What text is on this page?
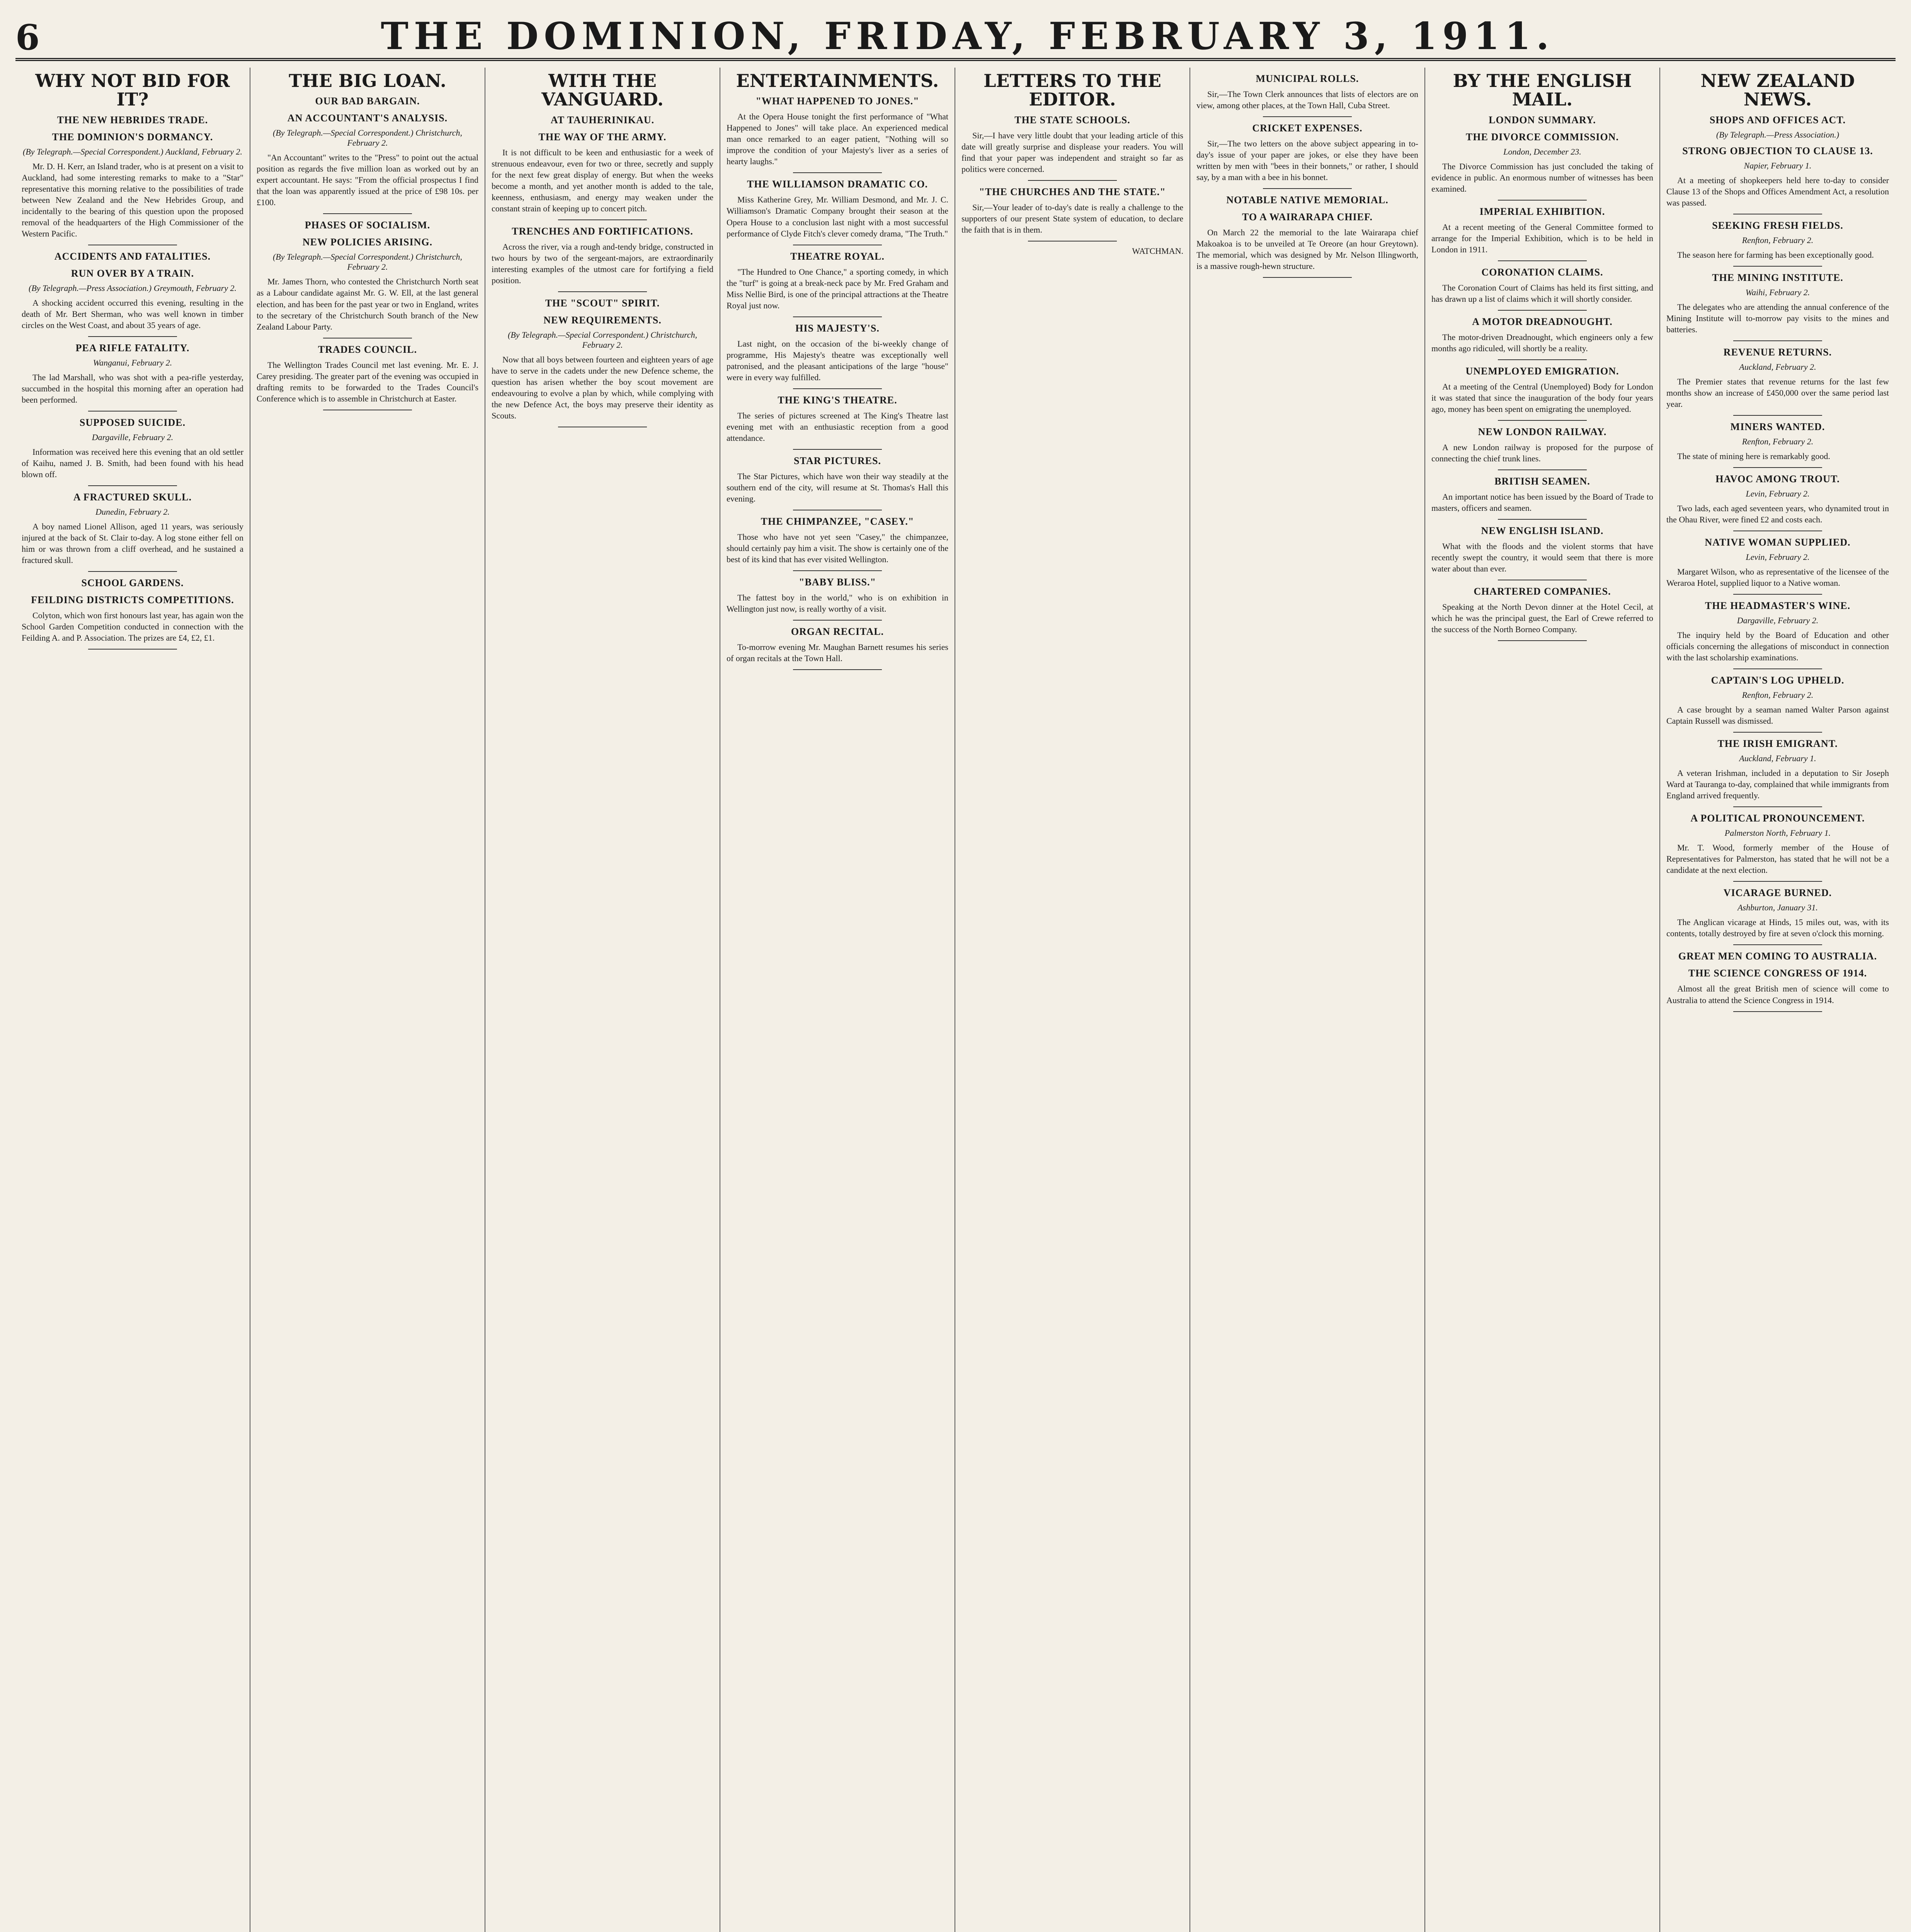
6	THE DOMINION, FRIDAY, FEBRUARY 3, 1911.
WHY NOT BID FOR IT?
THE NEW HEBRIDES TRADE.
THE DOMINION'S DORMANCY.
(By Telegraph.—Special Correspondent.) Auckland, February 2.

Mr. D. H. Kerr, an Island trader, who is at present on a visit to Auckland, had some interesting remarks to make to a "Star" representative this morning relative to the possibilities of trade between New Zealand and the New Hebrides Group, and incidentally to the bearing of this question upon the proposed removal of the headquarters of the High Commissioner of the Western Pacific.

ACCIDENTS AND FATALITIES.
RUN OVER BY A TRAIN.
(By Telegraph.—Press Association.) Greymouth, February 2.

A shocking accident occurred this evening, resulting in the death of Mr. Bert Sherman, who was well known in timber circles on the West Coast, and about 35 years of age.

PEA RIFLE FATALITY.
Wanganui, February 2.

The lad Marshall, who was shot with a pea-rifle yesterday, succumbed in the hospital this morning after an operation had been performed.

SUPPOSED SUICIDE.
Dargaville, February 2.

Information was received here this evening that an old settler of Kaihu, named J. B. Smith, had been found with his head blown off.

A FRACTURED SKULL.
Dunedin, February 2.

A boy named Lionel Allison, aged 11 years, was seriously injured at the back of St. Clair to-day. A log stone either fell on him or was thrown from a cliff overhead, and he sustained a fractured skull.

SCHOOL GARDENS.
FEILDING DISTRICTS COMPETITIONS.

Colyton, which won first honours last year, has again won the School Garden Competition conducted in connection with the Feilding A. and P. Association. The prizes are £4, £2, £1.

THE BIG LOAN.
OUR BAD BARGAIN.
AN ACCOUNTANT'S ANALYSIS.
(By Telegraph.—Special Correspondent.) Christchurch, February 2.

"An Accountant" writes to the "Press" to point out the actual position as regards the five million loan as worked out by an expert accountant. He says: "From the official prospectus I find that the loan was apparently issued at the price of £98 10s. per £100.

PHASES OF SOCIALISM.
NEW POLICIES ARISING.
(By Telegraph.—Special Correspondent.) Christchurch, February 2.

Mr. James Thorn, who contested the Christchurch North seat as a Labour candidate against Mr. G. W. Ell, at the last general election, and has been for the past year or two in England, writes to the secretary of the Christchurch South branch of the New Zealand Labour Party.

TRADES COUNCIL.

The Wellington Trades Council met last evening. Mr. E. J. Carey presiding. The greater part of the evening was occupied in drafting remits to be forwarded to the Trades Council's Conference which is to assemble in Christchurch at Easter.

WITH THE VANGUARD.
AT TAUHERINIKAU.
THE WAY OF THE ARMY.

It is not difficult to be keen and enthusiastic for a week of strenuous endeavour, even for two or three, secretly and supply for the next few great display of energy. But when the weeks become a month, and yet another month is added to the tale, keenness, enthusiasm, and energy may weaken under the constant strain of keeping up to concert pitch.

TRENCHES AND FORTIFICATIONS.

Across the river, via a rough and-tendy bridge, constructed in two hours by two of the sergeant-majors, are extraordinarily interesting examples of the utmost care for fortifying a field position.

THE "SCOUT" SPIRIT.
NEW REQUIREMENTS.
(By Telegraph.—Special Correspondent.) Christchurch, February 2.

Now that all boys between fourteen and eighteen years of age have to serve in the cadets under the new Defence scheme, the question has arisen whether the boy scout movement are endeavouring to evolve a plan by which, while complying with the new Defence Act, the boys may preserve their identity as Scouts.

ENTERTAINMENTS.
"WHAT HAPPENED TO JONES."

At the Opera House tonight the first performance of "What Happened to Jones" will take place. An experienced medical man once remarked to an eager patient, "Nothing will so improve the condition of your Majesty's liver as a series of hearty laughs."

THE WILLIAMSON DRAMATIC CO.

Miss Katherine Grey, Mr. William Desmond, and Mr. J. C. Williamson's Dramatic Company brought their season at the Opera House to a conclusion last night with a most successful performance of Clyde Fitch's clever comedy drama, "The Truth."

THEATRE ROYAL.

"The Hundred to One Chance," a sporting comedy, in which the "turf" is going at a break-neck pace by Mr. Fred Graham and Miss Nellie Bird, is one of the principal attractions at the Theatre Royal just now.

HIS MAJESTY'S.

Last night, on the occasion of the bi-weekly change of programme, His Majesty's theatre was exceptionally well patronised, and the pleasant anticipations of the large "house" were in every way fulfilled.

THE KING'S THEATRE.

The series of pictures screened at The King's Theatre last evening met with an enthusiastic reception from a good attendance.

STAR PICTURES.

The Star Pictures, which have won their way steadily at the southern end of the city, will resume at St. Thomas's Hall this evening.

THE CHIMPANZEE, "CASEY."

Those who have not yet seen "Casey," the chimpanzee, should certainly pay him a visit. The show is certainly one of the best of its kind that has ever visited Wellington.

"BABY BLISS."

The fattest boy in the world," who is on exhibition in Wellington just now, is really worthy of a visit.

ORGAN RECITAL.

To-morrow evening Mr. Maughan Barnett resumes his series of organ recitals at the Town Hall.

LETTERS TO THE EDITOR.
THE STATE SCHOOLS.

Sir,—I have very little doubt that your leading article of this date will greatly surprise and displease your readers. You will find that your paper was independent and straight so far as politics were concerned.

"THE CHURCHES AND THE STATE."

Sir,—Your leader of to-day's date is really a challenge to the supporters of our present State system of education, to declare the faith that is in them.

WATCHMAN.
MUNICIPAL ROLLS.

Sir,—The Town Clerk announces that lists of electors are on view, among other places, at the Town Hall, Cuba Street.

CRICKET EXPENSES.

Sir,—The two letters on the above subject appearing in to-day's issue of your paper are jokes, or else they have been written by men with "bees in their bonnets," or rather, I should say, by a man with a bee in his bonnet.

NOTABLE NATIVE MEMORIAL.
TO A WAIRARAPA CHIEF.

On March 22 the memorial to the late Wairarapa chief Makoakoa is to be unveiled at Te Oreore (an hour Greytown). The memorial, which was designed by Mr. Nelson Illingworth, is a massive rough-hewn structure.

BY THE ENGLISH MAIL.
LONDON SUMMARY.
THE DIVORCE COMMISSION.
London, December 23.

The Divorce Commission has just concluded the taking of evidence in public. An enormous number of witnesses has been examined.

IMPERIAL EXHIBITION.

At a recent meeting of the General Committee formed to arrange for the Imperial Exhibition, which is to be held in London in 1911.

CORONATION CLAIMS.

The Coronation Court of Claims has held its first sitting, and has drawn up a list of claims which it will shortly consider.

A MOTOR DREADNOUGHT.

The motor-driven Dreadnought, which engineers only a few months ago ridiculed, will shortly be a reality.

UNEMPLOYED EMIGRATION.

At a meeting of the Central (Unemployed) Body for London it was stated that since the inauguration of the body four years ago, money has been spent on emigrating the unemployed.

NEW LONDON RAILWAY.

A new London railway is proposed for the purpose of connecting the chief trunk lines.

BRITISH SEAMEN.

An important notice has been issued by the Board of Trade to masters, officers and seamen.

NEW ENGLISH ISLAND.

What with the floods and the violent storms that have recently swept the country, it would seem that there is more water about than ever.

CHARTERED COMPANIES.

Speaking at the North Devon dinner at the Hotel Cecil, at which he was the principal guest, the Earl of Crewe referred to the success of the North Borneo Company.

NEW ZEALAND NEWS.
SHOPS AND OFFICES ACT.
(By Telegraph.—Press Association.)
STRONG OBJECTION TO CLAUSE 13.
Napier, February 1.

At a meeting of shopkeepers held here to-day to consider Clause 13 of the Shops and Offices Amendment Act, a resolution was passed.

SEEKING FRESH FIELDS.
Renfton, February 2.

The season here for farming has been exceptionally good.

THE MINING INSTITUTE.
Waihi, February 2.

The delegates who are attending the annual conference of the Mining Institute will to-morrow pay visits to the mines and batteries.

REVENUE RETURNS.
Auckland, February 2.

The Premier states that revenue returns for the last few months show an increase of £450,000 over the same period last year.

MINERS WANTED.
Renfton, February 2.

The state of mining here is remarkably good.

HAVOC AMONG TROUT.
Levin, February 2.

Two lads, each aged seventeen years, who dynamited trout in the Ohau River, were fined £2 and costs each.

NATIVE WOMAN SUPPLIED.
Levin, February 2.

Margaret Wilson, who as representative of the licensee of the Weraroa Hotel, supplied liquor to a Native woman.

THE HEADMASTER'S WINE.
Dargaville, February 2.

The inquiry held by the Board of Education and other officials concerning the allegations of misconduct in connection with the last scholarship examinations.

CAPTAIN'S LOG UPHELD.
Renfton, February 2.

A case brought by a seaman named Walter Parson against Captain Russell was dismissed.

THE IRISH EMIGRANT.
Auckland, February 1.

A veteran Irishman, included in a deputation to Sir Joseph Ward at Tauranga to-day, complained that while immigrants from England arrived frequently.

A POLITICAL PRONOUNCEMENT.
Palmerston North, February 1.

Mr. T. Wood, formerly member of the House of Representatives for Palmerston, has stated that he will not be a candidate at the next election.

VICARAGE BURNED.
Ashburton, January 31.

The Anglican vicarage at Hinds, 15 miles out, was, with its contents, totally destroyed by fire at seven o'clock this morning.

GREAT MEN COMING TO AUSTRALIA.
THE SCIENCE CONGRESS OF 1914.

Almost all the great British men of science will come to Australia to attend the Science Congress in 1914.
